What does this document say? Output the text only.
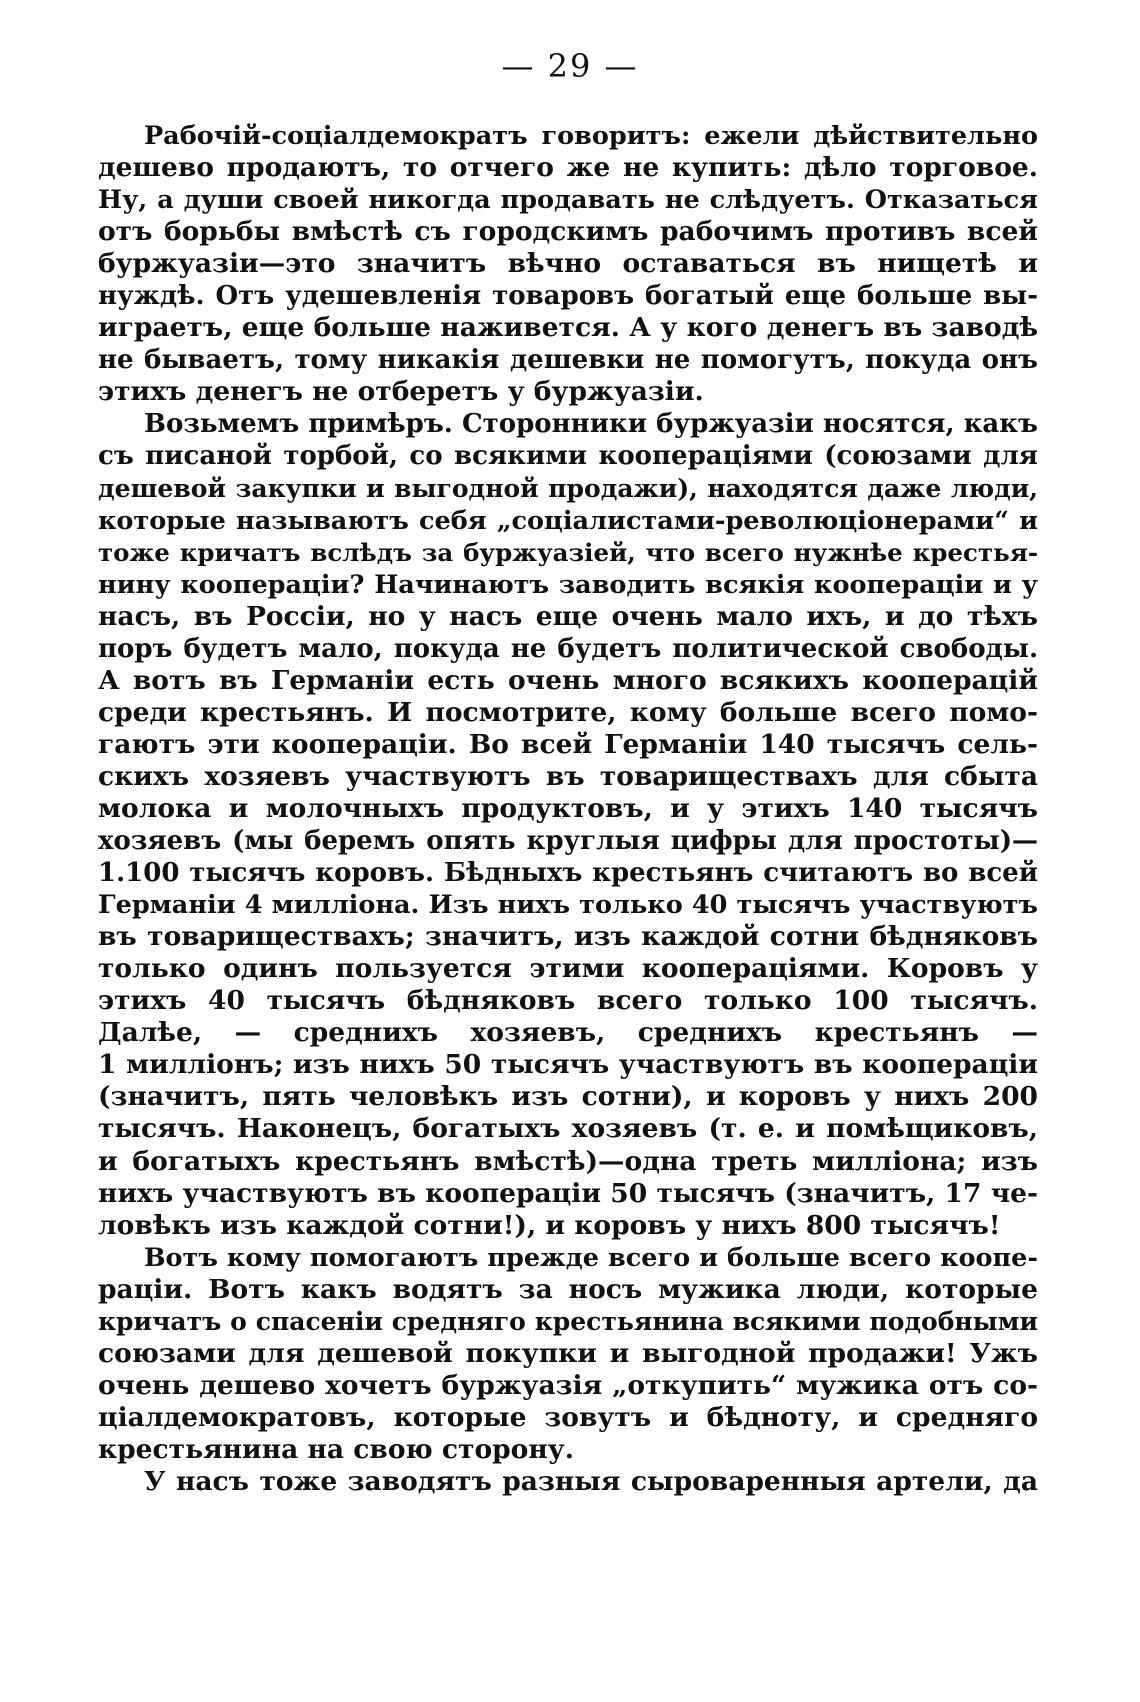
— 29 —
Рабочій-соціалдемократъ говоритъ: ежели дѣйствительно
дешево продаютъ, то отчего же не купить: дѣло торговое.
Ну, а души своей никогда продавать не слѣдуетъ. Отказаться
отъ борьбы вмѣстѣ съ городскимъ рабочимъ противъ всей
буржуазіи—это значитъ вѣчно оставаться въ нищетѣ и
нуждѣ. Отъ удешевленія товаровъ богатый еще больше вы-
играетъ, еще больше наживется. А у кого денегъ въ заводѣ
не бываетъ, тому никакія дешевки не помогутъ, покуда онъ
этихъ денегъ не отберетъ у буржуазіи.
Возьмемъ примѣръ. Сторонники буржуазіи носятся, какъ
съ писаной торбой, со всякими коопераціями (союзами для
дешевой закупки и выгодной продажи), находятся даже люди,
которые называютъ себя „соціалистами-революціонерами“ и
тоже кричатъ вслѣдъ за буржуазіей, что всего нужнѣе крестья-
нину коопераціи? Начинаютъ заводить всякія коопераціи и у
насъ, въ Россіи, но у насъ еще очень мало ихъ, и до тѣхъ
поръ будетъ мало, покуда не будетъ политической свободы.
А вотъ въ Германіи есть очень много всякихъ кооперацій
среди крестьянъ. И посмотрите, кому больше всего помо-
гаютъ эти коопераціи. Во всей Германіи 140 тысячъ сель-
скихъ хозяевъ участвуютъ въ товариществахъ для сбыта
молока и молочныхъ продуктовъ, и у этихъ 140 тысячъ
хозяевъ (мы беремъ опять круглыя цифры для простоты)—
1.100 тысячъ коровъ. Бѣдныхъ крестьянъ считаютъ во всей
Германіи 4 милліона. Изъ нихъ только 40 тысячъ участвуютъ
въ товариществахъ; значитъ, изъ каждой сотни бѣдняковъ
только одинъ пользуется этими коопераціями. Коровъ у
этихъ 40 тысячъ бѣдняковъ всего только 100 тысячъ.
Далѣе, — среднихъ хозяевъ, среднихъ крестьянъ —
1 милліонъ; изъ нихъ 50 тысячъ участвуютъ въ коопераціи
(значитъ, пять человѣкъ изъ сотни), и коровъ у нихъ 200
тысячъ. Наконецъ, богатыхъ хозяевъ (т. е. и помѣщиковъ,
и богатыхъ крестьянъ вмѣстѣ)—одна треть милліона; изъ
нихъ участвуютъ въ коопераціи 50 тысячъ (значитъ, 17 че-
ловѣкъ изъ каждой сотни!), и коровъ у нихъ 800 тысячъ!
Вотъ кому помогаютъ прежде всего и больше всего коопе-
раціи. Вотъ какъ водятъ за носъ мужика люди, которые
кричатъ о спасеніи средняго крестьянина всякими подобными
союзами для дешевой покупки и выгодной продажи! Ужъ
очень дешево хочетъ буржуазія „откупить“ мужика отъ со-
ціалдемократовъ, которые зовутъ и бѣдноту, и средняго
крестьянина на свою сторону.
У насъ тоже заводятъ разныя сыроваренныя артели, да
